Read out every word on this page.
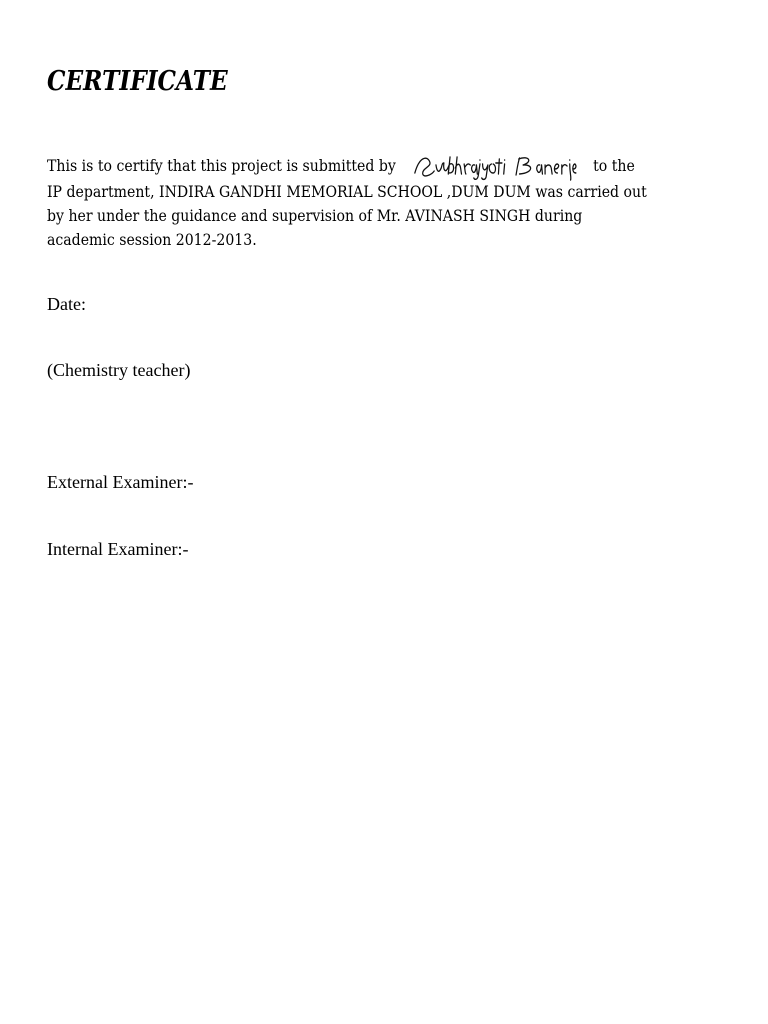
CERTIFICATE
This is to certify that this project is submitted by	to the
IP department, INDIRA GANDHI MEMORIAL SCHOOL ,DUM DUM was carried out
by her under the guidance and supervision of Mr. AVINASH SINGH during
academic session 2012-2013.

Date:

(Chemistry teacher)

External Examiner:-

Internal Examiner:-
